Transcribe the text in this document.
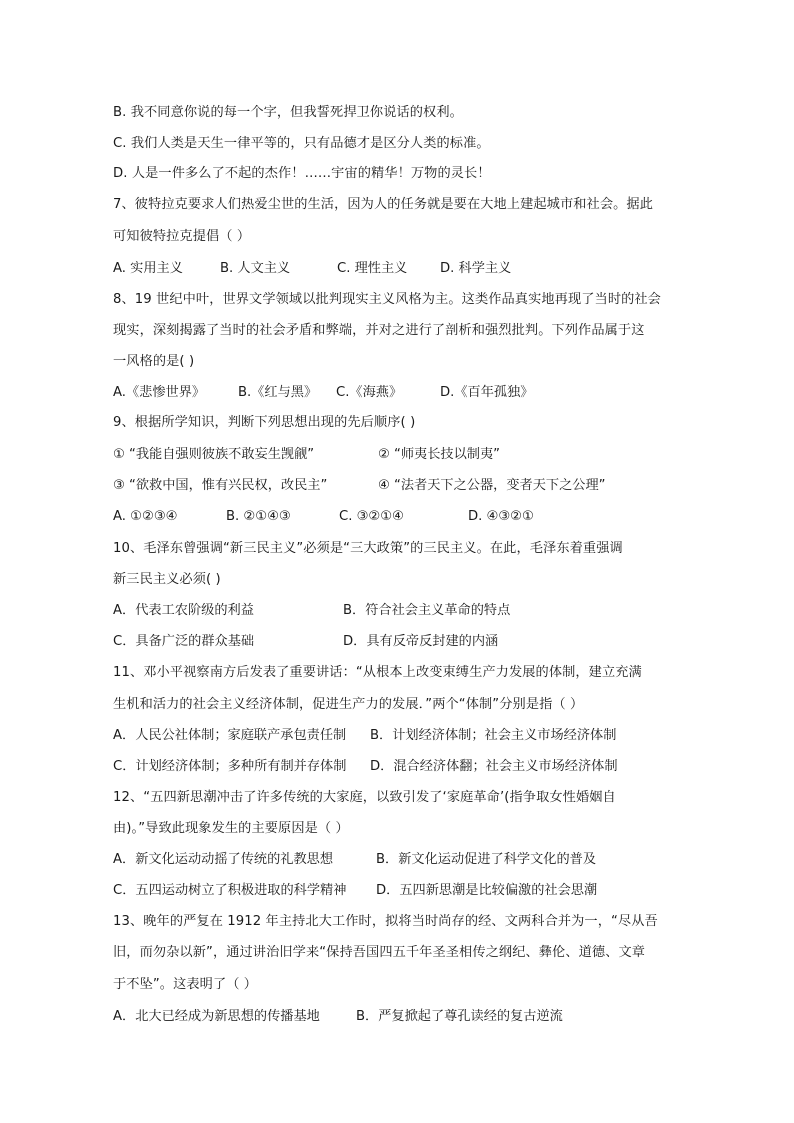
B. 我不同意你说的每一个字，但我誓死捍卫你说话的权利。
C. 我们人类是天生一律平等的，只有品德才是区分人类的标准。
D. 人是一件多么了不起的杰作！……宇宙的精华！万物的灵长！
7、彼特拉克要求人们热爱尘世的生活，因为人的任务就是要在大地上建起城市和社会。据此
可知彼特拉克提倡（ ）
A. 实用主义	B. 人文主义	C. 理性主义 D. 科学主义
8、19 世纪中叶，世界文学领域以批判现实主义风格为主。这类作品真实地再现了当时的社会
现实，深刻揭露了当时的社会矛盾和弊端，并对之进行了剖析和强烈批判。下列作品属于这
一风格的是( )
A.《悲惨世界》 B.《红与黑》 C.《海燕》	D.《百年孤独》
9、根据所学知识，判断下列思想出现的先后顺序( )
① “我能自强则彼族不敢妄生觊觎”	② “师夷长技以制夷”
③ “欲救中国，惟有兴民权，改民主”	④ “法者天下之公器，变者天下之公理”
A. ①②③④	B. ②①④③	C. ③②①④	D. ④③②①
10、毛泽东曾强调“新三民主义”必须是“三大政策”的三民主义。在此，毛泽东着重强调
新三民主义必须( )
A．代表工农阶级的利益	B．符合社会主义革命的特点
C．具备广泛的群众基础	D．具有反帝反封建的内涵
11、邓小平视察南方后发表了重要讲话：“从根本上改变束缚生产力发展的体制，建立充满
生机和活力的社会主义经济体制，促进生产力的发展．”两个“体制”分别是指（ ）
A．人民公社体制；家庭联产承包责任制 B．计划经济体制；社会主义市场经济体制
C．计划经济体制；多种所有制并存体制 D．混合经济体翻；社会主义市场经济体制
12、“五四新思潮冲击了许多传统的大家庭，以致引发了‘家庭革命’(指争取女性婚姻自
由)。”导致此现象发生的主要原因是（ ）
A．新文化运动动摇了传统的礼教思想	B．新文化运动促进了科学文化的普及
C．五四运动树立了积极进取的科学精神 D．五四新思潮是比较偏激的社会思潮
13、晚年的严复在 1912 年主持北大工作时，拟将当时尚存的经、文两科合并为一，“尽从吾
旧，而勿杂以新”，通过讲治旧学来“保持吾国四五千年圣圣相传之纲纪、彝伦、道德、文章
于不坠”。这表明了（ ）
A．北大已经成为新思想的传播基地	B．严复掀起了尊孔读经的复古逆流
